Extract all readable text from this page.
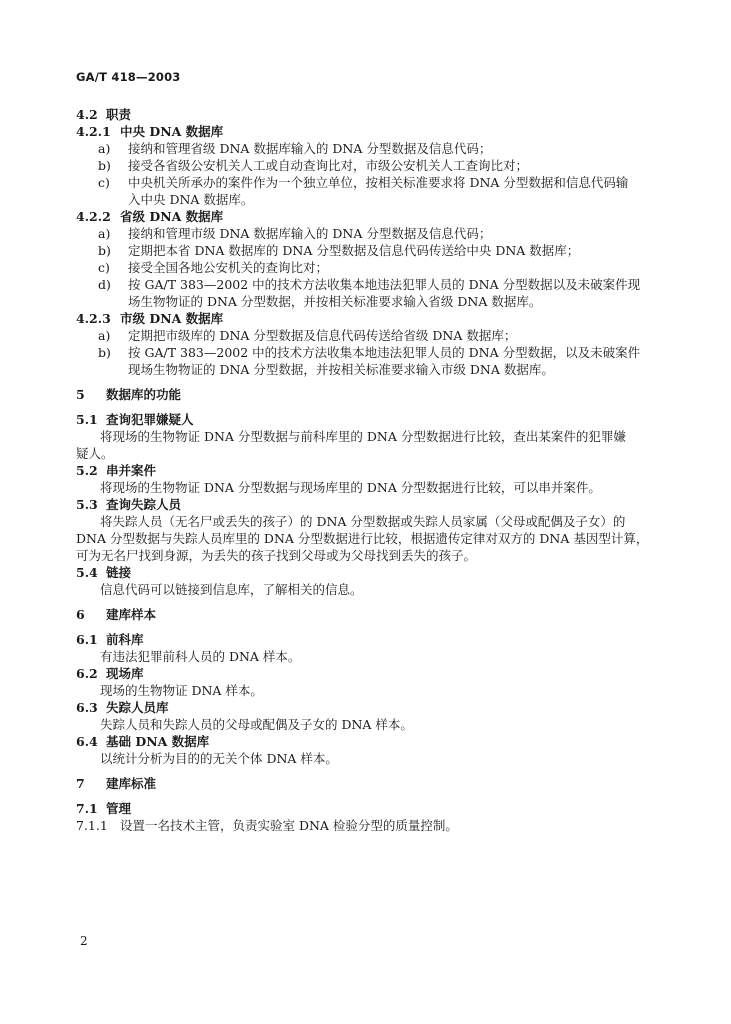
GA/T 418—2003
4.2 职责
4.2.1 中央 DNA 数据库
a)	接纳和管理省级 DNA 数据库输入的 DNA 分型数据及信息代码；
b)	接受各省级公安机关人工或自动查询比对，市级公安机关人工查询比对；
c)	中央机关所承办的案件作为一个独立单位，按相关标准要求将 DNA 分型数据和信息代码输
入中央 DNA 数据库。
4.2.2 省级 DNA 数据库
a)	接纳和管理市级 DNA 数据库输入的 DNA 分型数据及信息代码；
b)	定期把本省 DNA 数据库的 DNA 分型数据及信息代码传送给中央 DNA 数据库；
c)	接受全国各地公安机关的查询比对；
d)	按 GA/T 383—2002 中的技术方法收集本地违法犯罪人员的 DNA 分型数据以及未破案件现
场生物物证的 DNA 分型数据，并按相关标准要求输入省级 DNA 数据库。
4.2.3 市级 DNA 数据库
a)	定期把市级库的 DNA 分型数据及信息代码传送给省级 DNA 数据库；
b)	按 GA/T 383—2002 中的技术方法收集本地违法犯罪人员的 DNA 分型数据，以及未破案件
现场生物物证的 DNA 分型数据，并按相关标准要求输入市级 DNA 数据库。
5 数据库的功能
5.1 查询犯罪嫌疑人
将现场的生物物证 DNA 分型数据与前科库里的 DNA 分型数据进行比较，查出某案件的犯罪嫌
疑人。
5.2 串并案件
将现场的生物物证 DNA 分型数据与现场库里的 DNA 分型数据进行比较，可以串并案件。
5.3 查询失踪人员
将失踪人员（无名尸或丢失的孩子）的 DNA 分型数据或失踪人员家属（父母或配偶及子女）的
DNA 分型数据与失踪人员库里的 DNA 分型数据进行比较，根据遗传定律对双方的 DNA 基因型计算，
可为无名尸找到身源，为丢失的孩子找到父母或为父母找到丢失的孩子。
5.4 链接
信息代码可以链接到信息库，了解相关的信息。
6 建库样本
6.1 前科库
有违法犯罪前科人员的 DNA 样本。
6.2 现场库
现场的生物物证 DNA 样本。
6.3 失踪人员库
失踪人员和失踪人员的父母或配偶及子女的 DNA 样本。
6.4 基础 DNA 数据库
以统计分析为目的的无关个体 DNA 样本。
7 建库标准
7.1 管理
7.1.1 设置一名技术主管，负责实验室 DNA 检验分型的质量控制。
2
